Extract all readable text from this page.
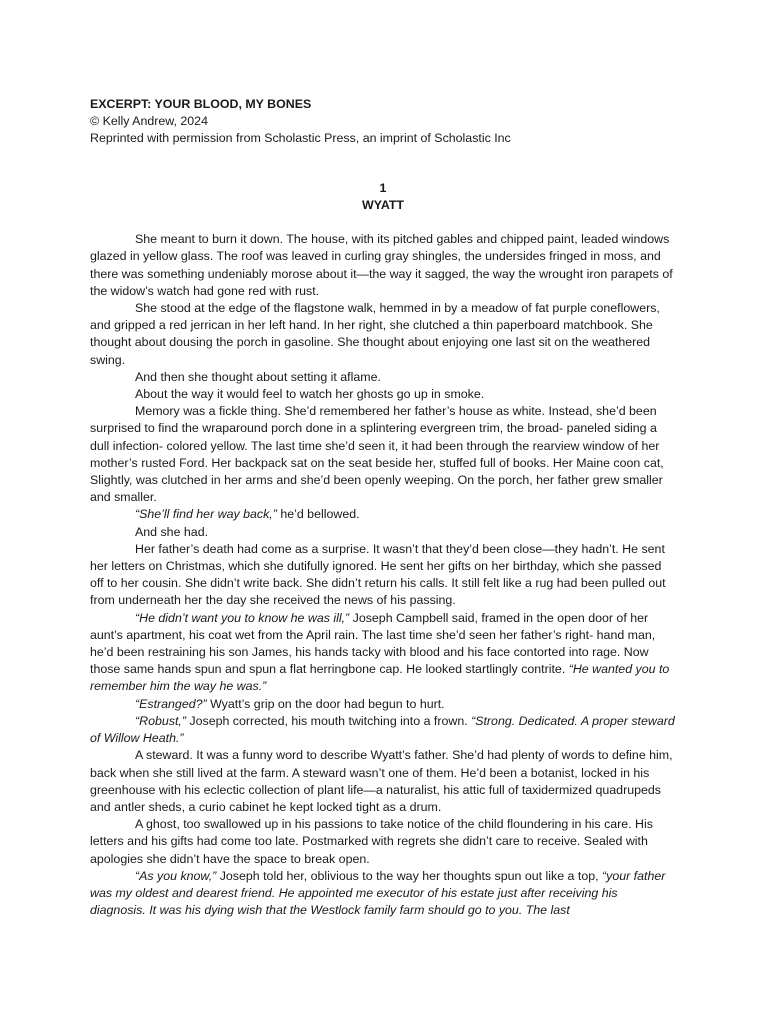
EXCERPT: YOUR BLOOD, MY BONES
© Kelly Andrew, 2024
Reprinted with permission from Scholastic Press, an imprint of Scholastic Inc
1
WYATT

She meant to burn it down. The house, with its pitched gables and chipped paint, leaded windows glazed in yellow glass. The roof was leaved in curling gray shingles, the undersides fringed in moss, and there was something undeniably morose about it—the way it sagged, the way the wrought iron parapets of the widow’s watch had gone red with rust.

She stood at the edge of the flagstone walk, hemmed in by a meadow of fat purple coneflowers, and gripped a red jerrican in her left hand. In her right, she clutched a thin paperboard matchbook. She thought about dousing the porch in gasoline. She thought about enjoying one last sit on the weathered swing.

And then she thought about setting it aflame.

About the way it would feel to watch her ghosts go up in smoke.

Memory was a fickle thing. She’d remembered her father’s house as white. Instead, she’d been surprised to find the wraparound porch done in a splintering evergreen trim, the broad- paneled siding a dull infection- colored yellow. The last time she’d seen it, it had been through the rearview window of her mother’s rusted Ford. Her backpack sat on the seat beside her, stuffed full of books. Her Maine coon cat, Slightly, was clutched in her arms and she’d been openly weeping. On the porch, her father grew smaller and smaller.

“She’ll find her way back,” he’d bellowed.

And she had.

Her father’s death had come as a surprise. It wasn’t that they’d been close—they hadn’t. He sent her letters on Christmas, which she dutifully ignored. He sent her gifts on her birthday, which she passed off to her cousin. She didn’t write back. She didn’t return his calls. It still felt like a rug had been pulled out from underneath her the day she received the news of his passing.

“He didn’t want you to know he was ill,” Joseph Campbell said, framed in the open door of her aunt’s apartment, his coat wet from the April rain. The last time she’d seen her father’s right- hand man, he’d been restraining his son James, his hands tacky with blood and his face contorted into rage. Now those same hands spun and spun a flat herringbone cap. He looked startlingly contrite. “He wanted you to remember him the way he was.”

“Estranged?” Wyatt’s grip on the door had begun to hurt.

“Robust,” Joseph corrected, his mouth twitching into a frown. “Strong. Dedicated. A proper steward of Willow Heath.”

A steward. It was a funny word to describe Wyatt’s father. She’d had plenty of words to define him, back when she still lived at the farm. A steward wasn’t one of them. He’d been a botanist, locked in his greenhouse with his eclectic collection of plant life—a naturalist, his attic full of taxidermized quadrupeds and antler sheds, a curio cabinet he kept locked tight as a drum.

A ghost, too swallowed up in his passions to take notice of the child floundering in his care. His letters and his gifts had come too late. Postmarked with regrets she didn’t care to receive. Sealed with apologies she didn’t have the space to break open.

“As you know,” Joseph told her, oblivious to the way her thoughts spun out like a top, “your father was my oldest and dearest friend. He appointed me executor of his estate just after receiving his diagnosis. It was his dying wish that the Westlock family farm should go to you. The last
